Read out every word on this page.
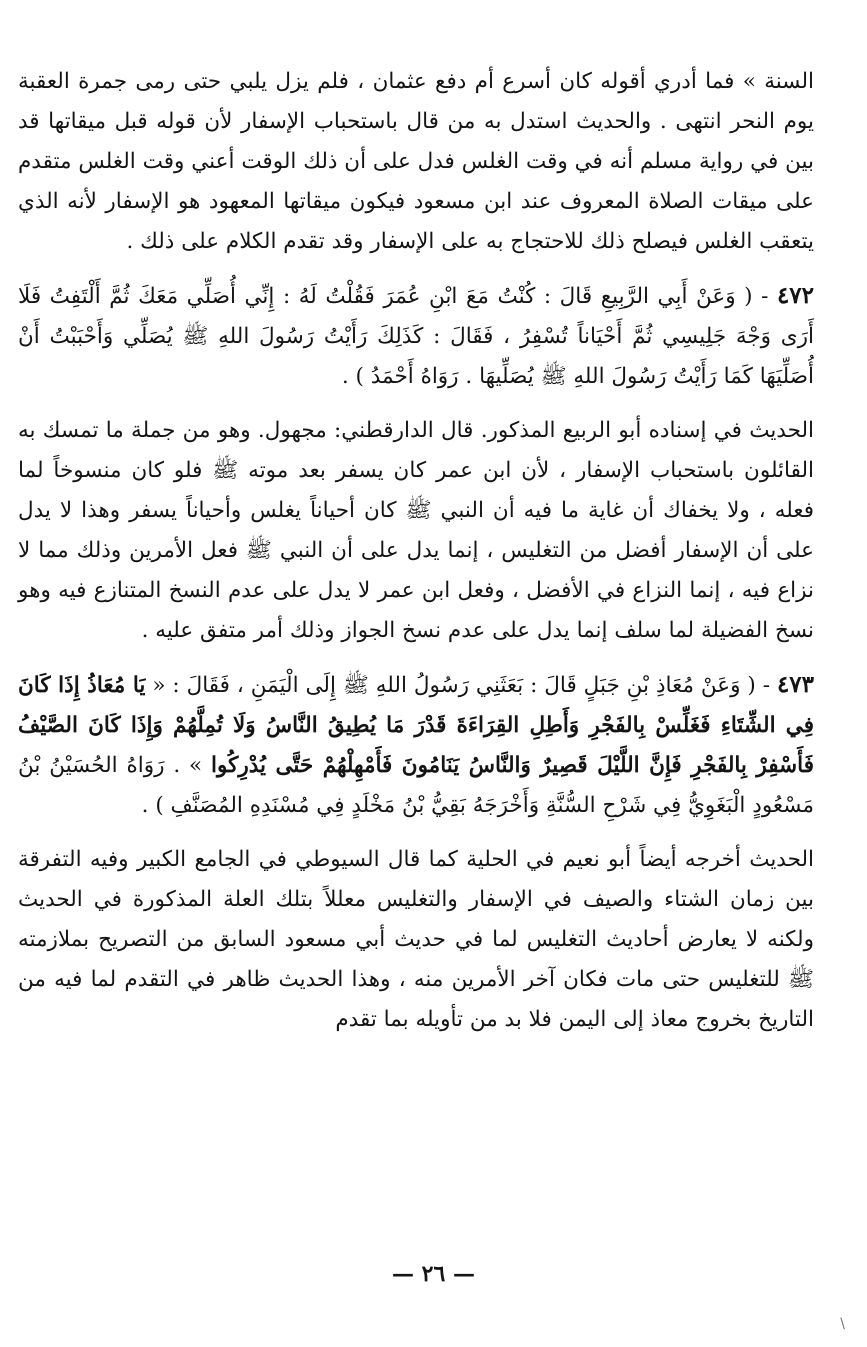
السنة » فما أدري أقوله كان أسرع أم دفع عثمان ، فلم يزل يلبي حتى رمى جمرة العقبة يوم النحر انتهى . والحديث استدل به من قال باستحباب الإسفار لأن قوله قبل ميقاتها قد بين في رواية مسلم أنه في وقت الغلس فدل على أن ذلك الوقت أعني وقت الغلس متقدم على ميقات الصلاة المعروف عند ابن مسعود فيكون ميقاتها المعهود هو الإسفار لأنه الذي يتعقب الغلس فيصلح ذلك للاحتجاج به على الإسفار وقد تقدم الكلام على ذلك .

٤٧٢ - ( وَعَنْ أَبِي الرَّبِيعِ قَالَ : كُنْتُ مَعَ ابْنِ عُمَرَ فَقُلْتُ لَهُ : إِنِّي أُصَلِّي مَعَكَ ثُمَّ أَلْتَفِتُ فَلَا أَرَى وَجْهَ جَلِيسِي ثُمَّ أَحْيَاناً تُسْفِرُ ، فَقَالَ : كَذَلِكَ رَأَيْتُ رَسُولَ اللهِ ﷺ يُصَلِّي وَأَحْبَبْتُ أَنْ أُصَلِّيَهَا كَمَا رَأَيْتُ رَسُولَ اللهِ ﷺ يُصَلِّيهَا . رَوَاهُ أَحْمَدُ ) .

الحديث في إسناده أبو الربيع المذكور. قال الدارقطني: مجهول. وهو من جملة ما تمسك به القائلون باستحباب الإسفار ، لأن ابن عمر كان يسفر بعد موته ﷺ فلو كان منسوخاً لما فعله ، ولا يخفاك أن غاية ما فيه أن النبي ﷺ كان أحياناً يغلس وأحياناً يسفر وهذا لا يدل على أن الإسفار أفضل من التغليس ، إنما يدل على أن النبي ﷺ فعل الأمرين وذلك مما لا نزاع فيه ، إنما النزاع في الأفضل ، وفعل ابن عمر لا يدل على عدم النسخ المتنازع فيه وهو نسخ الفضيلة لما سلف إنما يدل على عدم نسخ الجواز وذلك أمر متفق عليه .

٤٧٣ - ( وَعَنْ مُعَاذِ بْنِ جَبَلٍ قَالَ : بَعَثَنِي رَسُولُ اللهِ ﷺ إِلَى الْيَمَنِ ، فَقَالَ : « يَا مُعَاذُ إِذَا كَانَ فِي الشِّتَاءِ فَغَلِّسْ بِالفَجْرِ وَأَطِلِ القِرَاءَةَ قَدْرَ مَا يُطِيقُ النَّاسُ وَلَا تُمِلَّهُمْ وَإِذَا كَانَ الصَّيْفُ فَأَسْفِرْ بِالفَجْرِ فَإِنَّ اللَّيْلَ قَصِيرٌ وَالنَّاسُ يَنَامُونَ فَأَمْهِلْهُمْ حَتَّى يُدْرِكُوا » . رَوَاهُ الحُسَيْنُ بْنُ مَسْعُودٍ الْبَغَوِيُّ فِي شَرْحِ السُّنَّةِ وَأَخْرَجَهُ بَقِيُّ بْنُ مَخْلَدٍ فِي مُسْنَدِهِ المُصَنَّفِ ) .

الحديث أخرجه أيضاً أبو نعيم في الحلية كما قال السيوطي في الجامع الكبير وفيه التفرقة بين زمان الشتاء والصيف في الإسفار والتغليس معللاً بتلك العلة المذكورة في الحديث ولكنه لا يعارض أحاديث التغليس لما في حديث أبي مسعود السابق من التصريح بملازمته ﷺ للتغليس حتى مات فكان آخر الأمرين منه ، وهذا الحديث ظاهر في التقدم لما فيه من التاريخ بخروج معاذ إلى اليمن فلا بد من تأويله بما تقدم

— ٢٦ —
\
